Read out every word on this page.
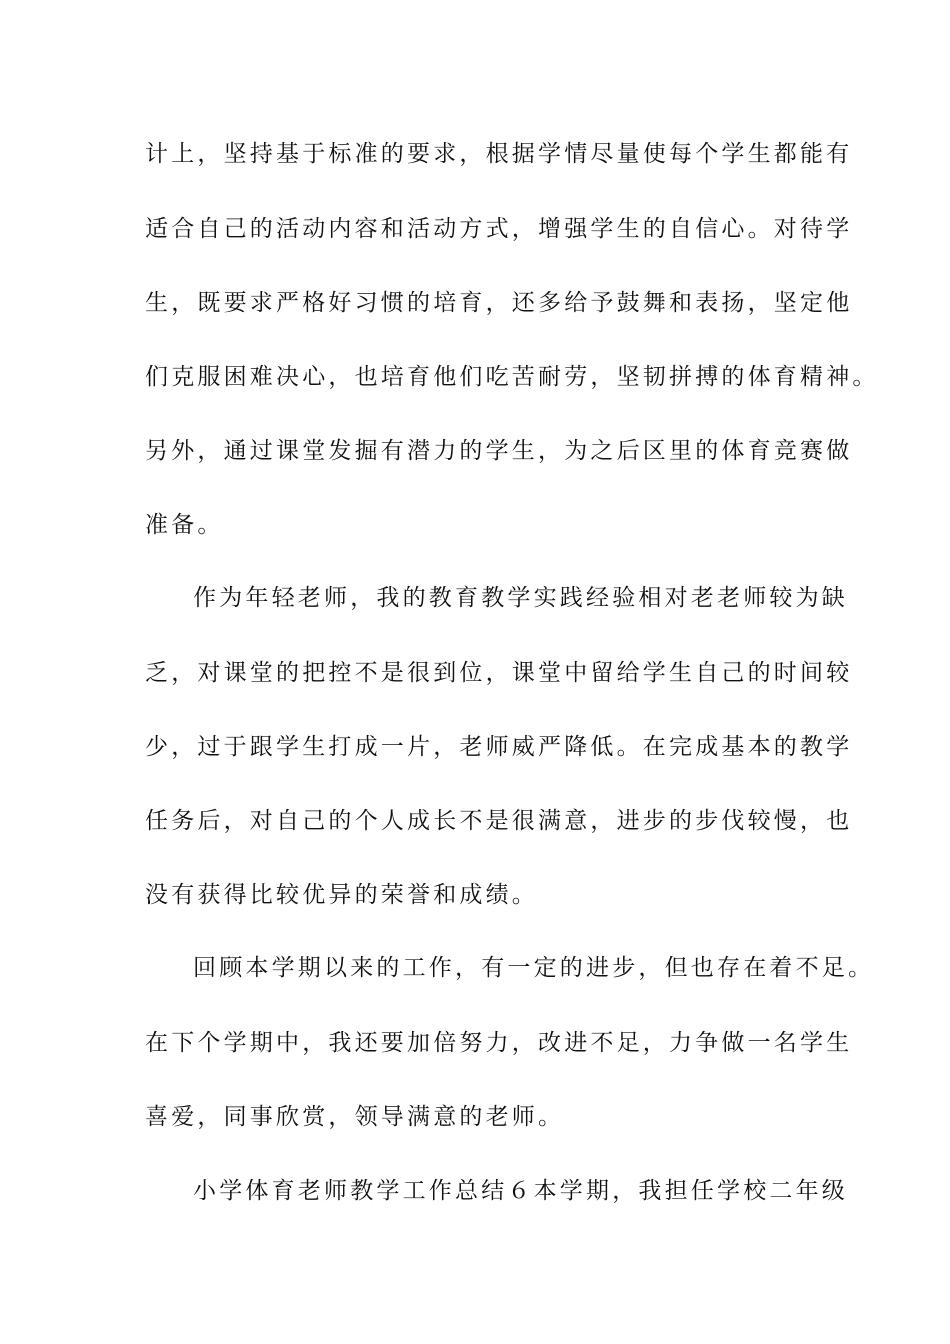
计上，坚持基于标准的要求，根据学情尽量使每个学生都能有
适合自己的活动内容和活动方式，增强学生的自信心。对待学
生，既要求严格好习惯的培育，还多给予鼓舞和表扬，坚定他
们克服困难决心，也培育他们吃苦耐劳，坚韧拼搏的体育精神。
另外，通过课堂发掘有潜力的学生，为之后区里的体育竞赛做
准备。
作为年轻老师，我的教育教学实践经验相对老老师较为缺
乏，对课堂的把控不是很到位，课堂中留给学生自己的时间较
少，过于跟学生打成一片，老师威严降低。在完成基本的教学
任务后，对自己的个人成长不是很满意，进步的步伐较慢，也
没有获得比较优异的荣誉和成绩。
回顾本学期以来的工作，有一定的进步，但也存在着不足。
在下个学期中，我还要加倍努力，改进不足，力争做一名学生
喜爱，同事欣赏，领导满意的老师。
小学体育老师教学工作总结６本学期，我担任学校二年级
